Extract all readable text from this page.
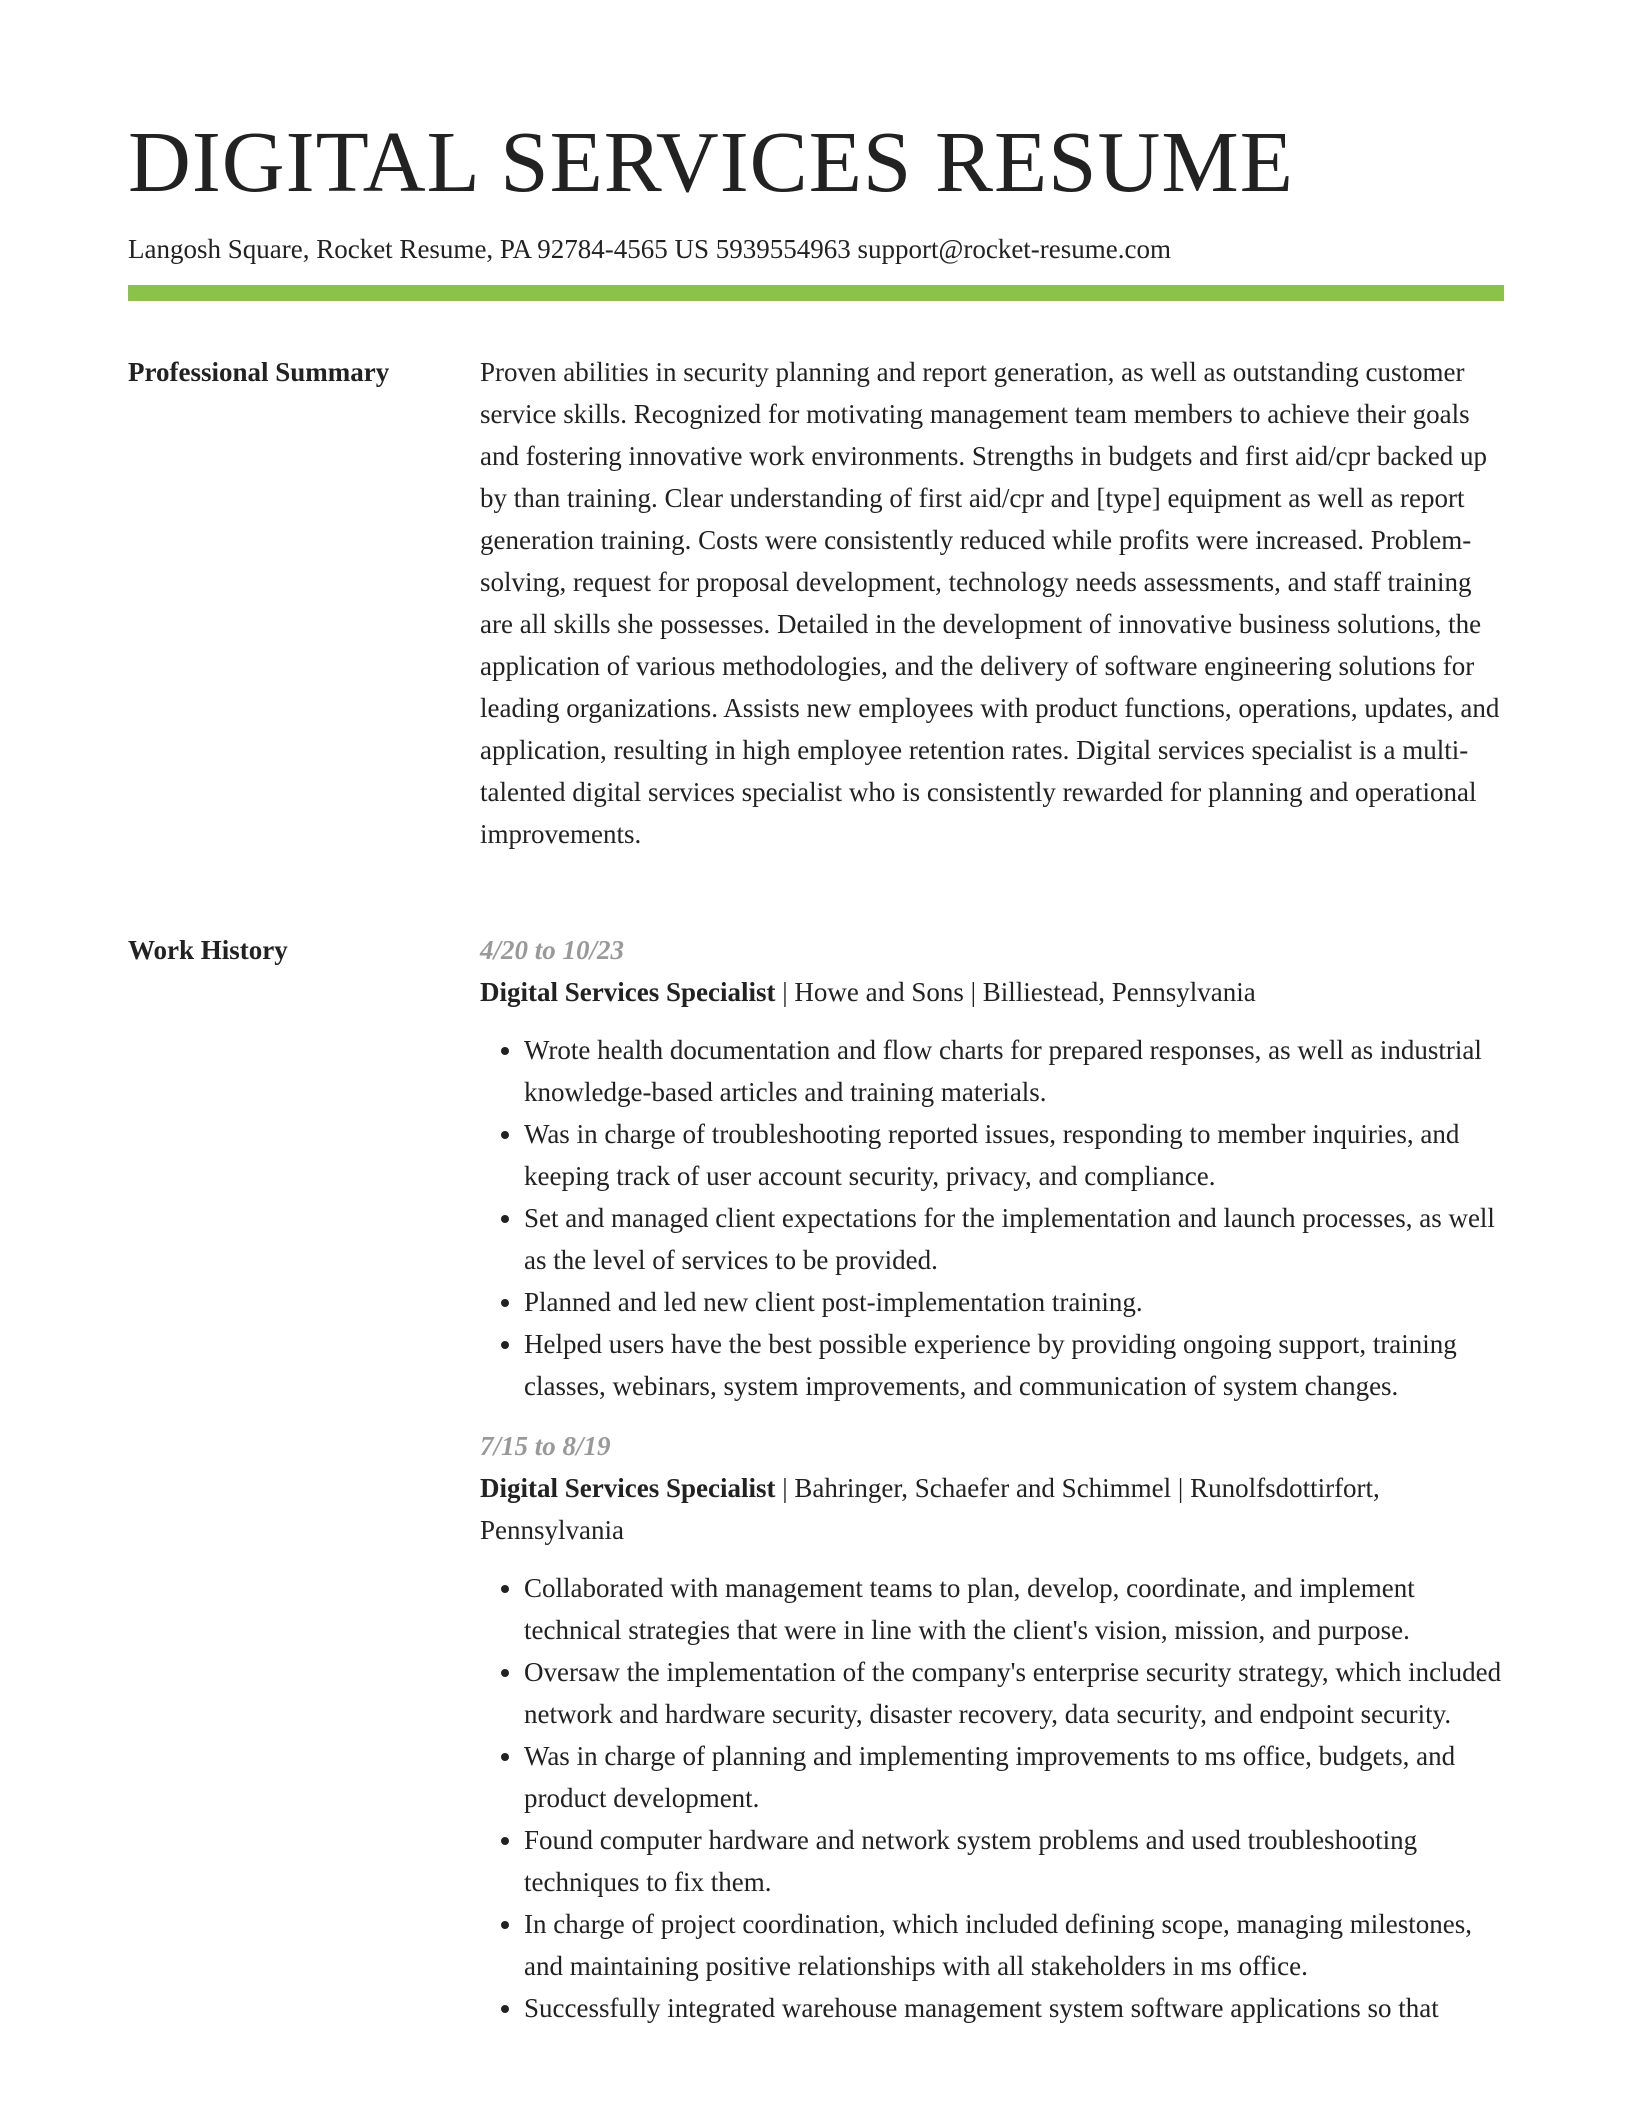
DIGITAL SERVICES RESUME
Langosh Square, Rocket Resume, PA 92784-4565 US 5939554963 support@rocket-resume.com
Professional Summary	Proven abilities in security planning and report generation, as well as outstanding customer service skills. Recognized for motivating management team members to achieve their goals and fostering innovative work environments. Strengths in budgets and first aid/cpr backed up by than training. Clear understanding of first aid/cpr and [type] equipment as well as report generation training. Costs were consistently reduced while profits were increased. Problem-solving, request for proposal development, technology needs assessments, and staff training are all skills she possesses. Detailed in the development of innovative business solutions, the application of various methodologies, and the delivery of software engineering solutions for leading organizations. Assists new employees with product functions, operations, updates, and application, resulting in high employee retention rates. Digital services specialist is a multi-talented digital services specialist who is consistently rewarded for planning and operational improvements.

Work History	4/20 to 10/23
Digital Services Specialist | Howe and Sons | Billiestead, Pennsylvania
• Wrote health documentation and flow charts for prepared responses, as well as industrial knowledge-based articles and training materials.
• Was in charge of troubleshooting reported issues, responding to member inquiries, and keeping track of user account security, privacy, and compliance.
• Set and managed client expectations for the implementation and launch processes, as well as the level of services to be provided.
• Planned and led new client post-implementation training.
• Helped users have the best possible experience by providing ongoing support, training classes, webinars, system improvements, and communication of system changes.
7/15 to 8/19
Digital Services Specialist | Bahringer, Schaefer and Schimmel | Runolfsdottirfort, Pennsylvania
• Collaborated with management teams to plan, develop, coordinate, and implement technical strategies that were in line with the client's vision, mission, and purpose.
• Oversaw the implementation of the company's enterprise security strategy, which included network and hardware security, disaster recovery, data security, and endpoint security.
• Was in charge of planning and implementing improvements to ms office, budgets, and product development.
• Found computer hardware and network system problems and used troubleshooting techniques to fix them.
• In charge of project coordination, which included defining scope, managing milestones, and maintaining positive relationships with all stakeholders in ms office.
• Successfully integrated warehouse management system software applications so that
